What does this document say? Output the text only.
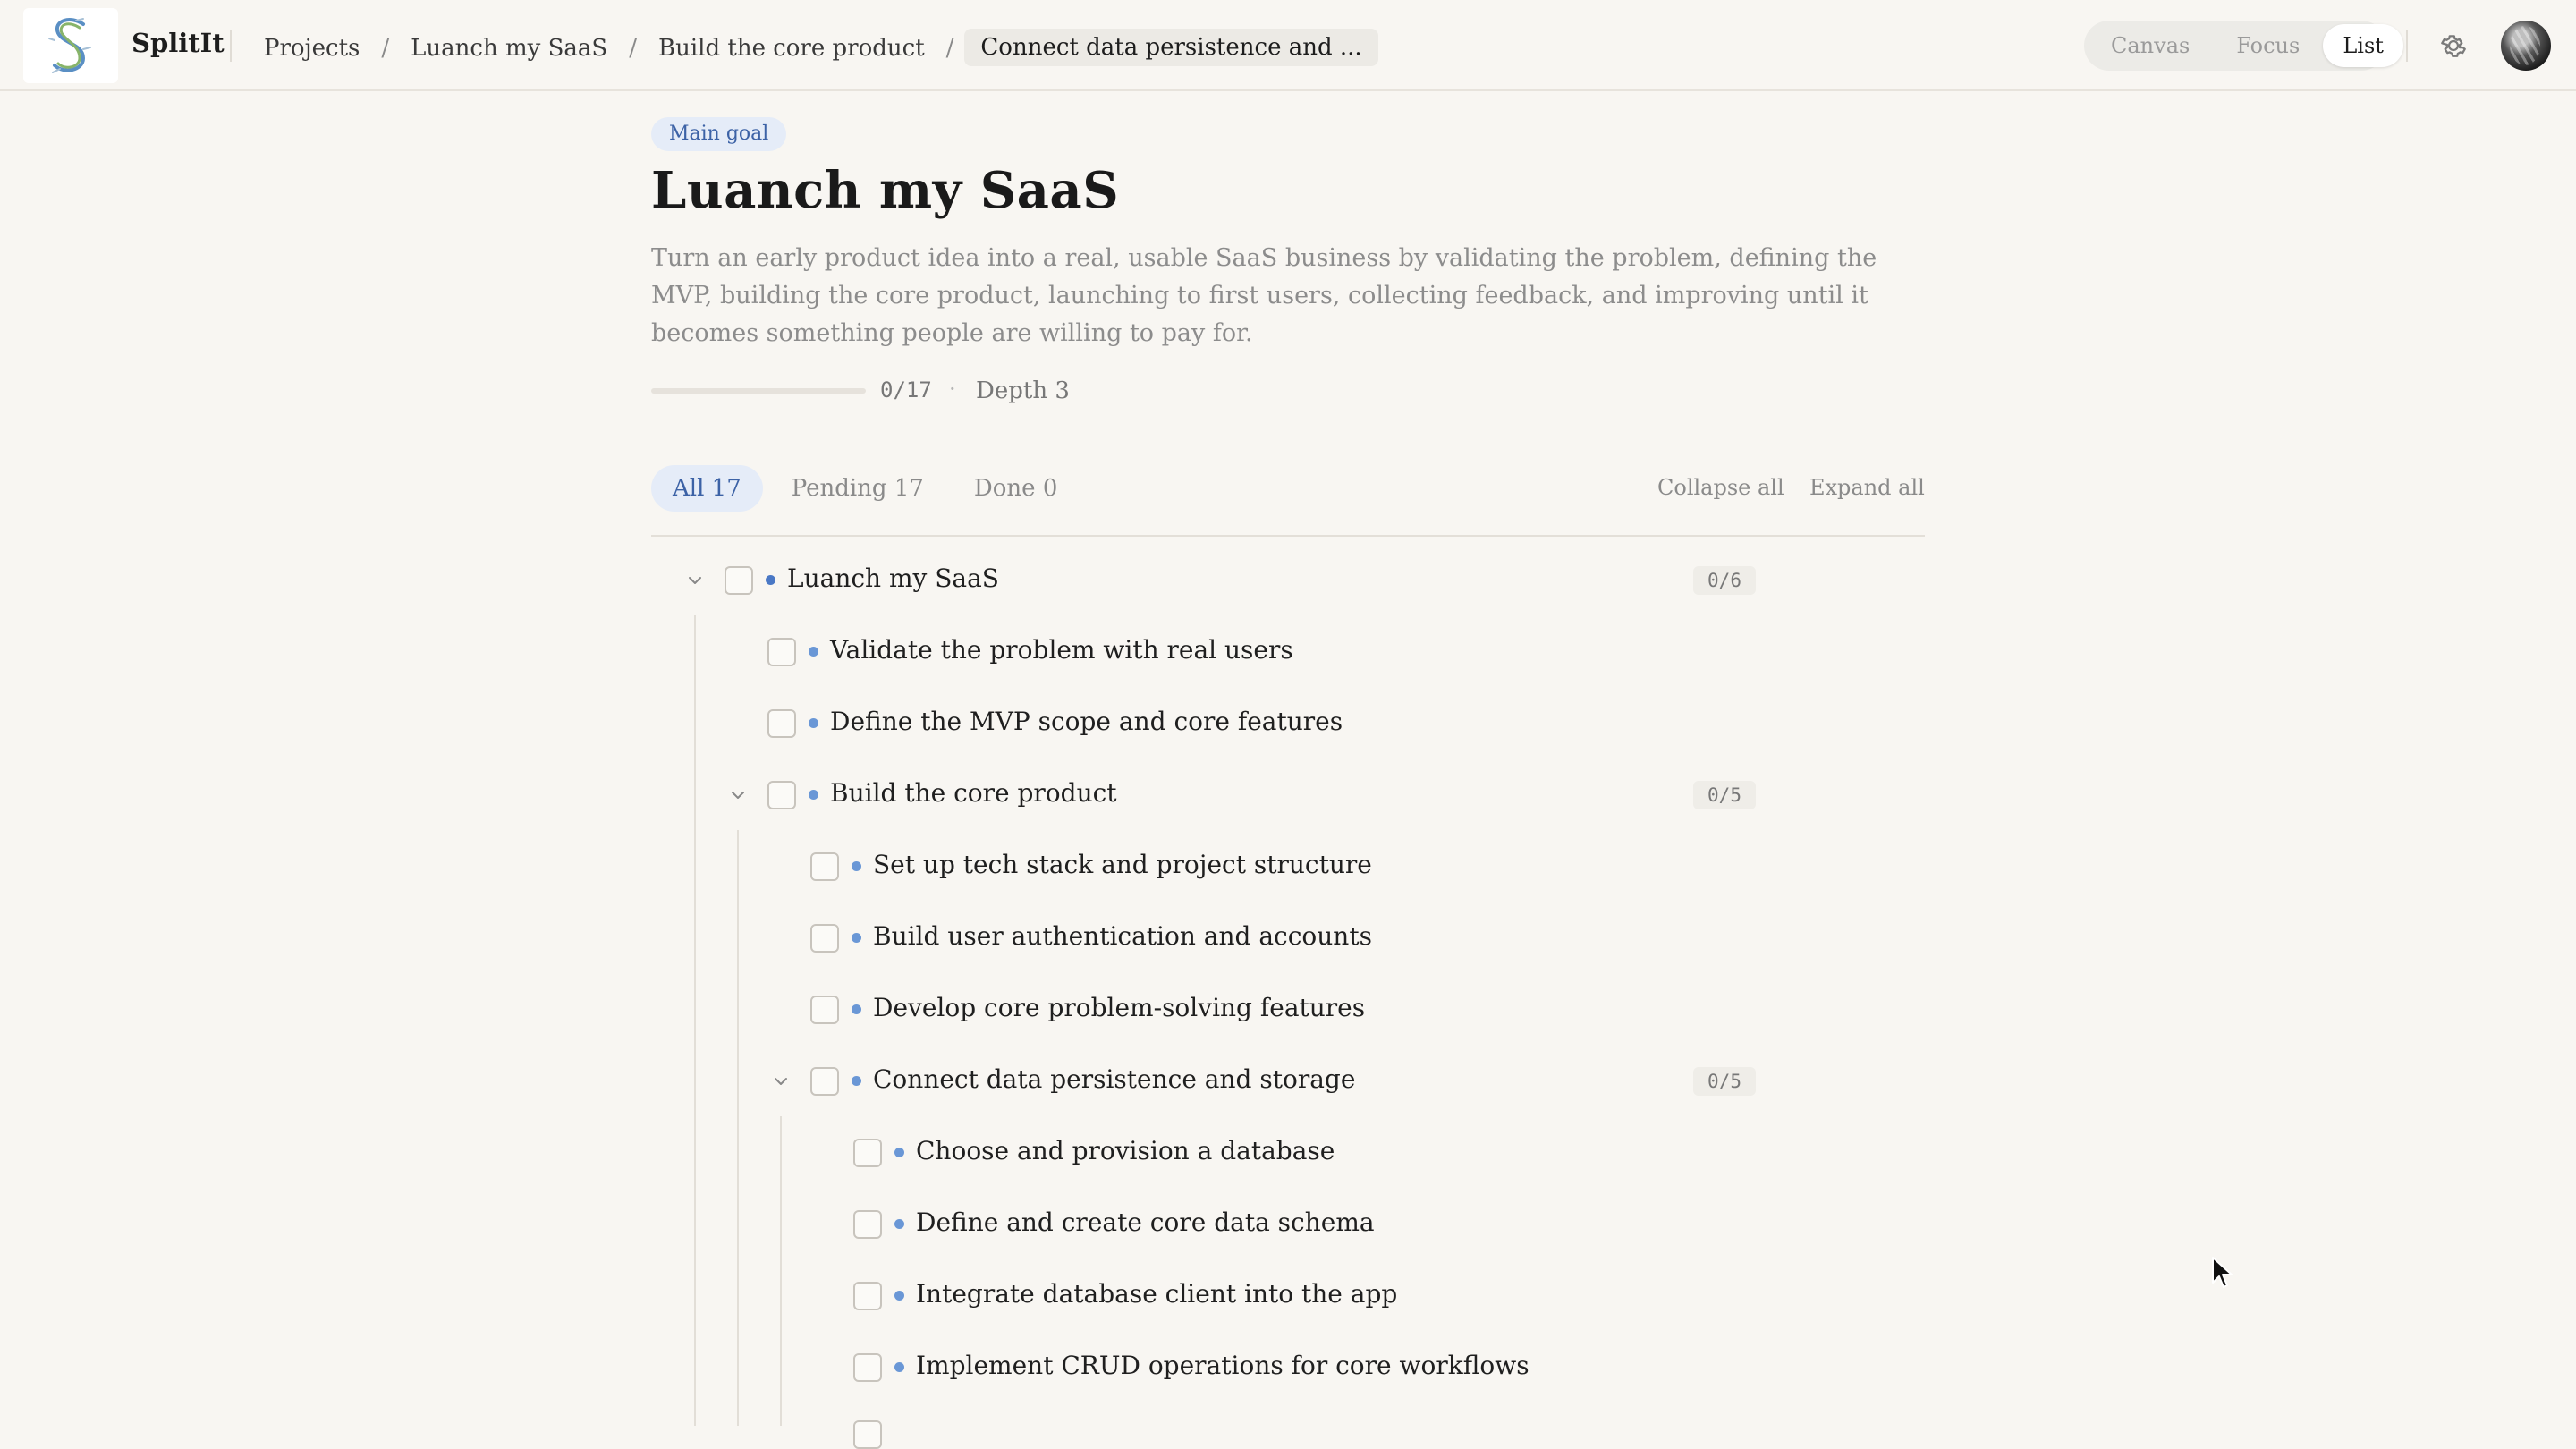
SplitIt Projects / Luanch my SaaS / Build the core product /	Connect data persistence and ...	Canvas	Focus	List
Main goal
Luanch my SaaS
Turn an early product idea into a real, usable SaaS business by validating the problem, defining the MVP, building the core product, launching to first users, collecting feedback, and improving until it becomes something people are willing to pay for.
0/17 · Depth 3
All 17	Pending 17	Done 0	Collapse all Expand all
Luanch my SaaS	0/6
Validate the problem with real users
Define the MVP scope and core features
Build the core product	0/5
Set up tech stack and project structure
Build user authentication and accounts
Develop core problem-solving features
Connect data persistence and storage	0/5
Choose and provision a database
Define and create core data schema
Integrate database client into the app
Implement CRUD operations for core workflows
